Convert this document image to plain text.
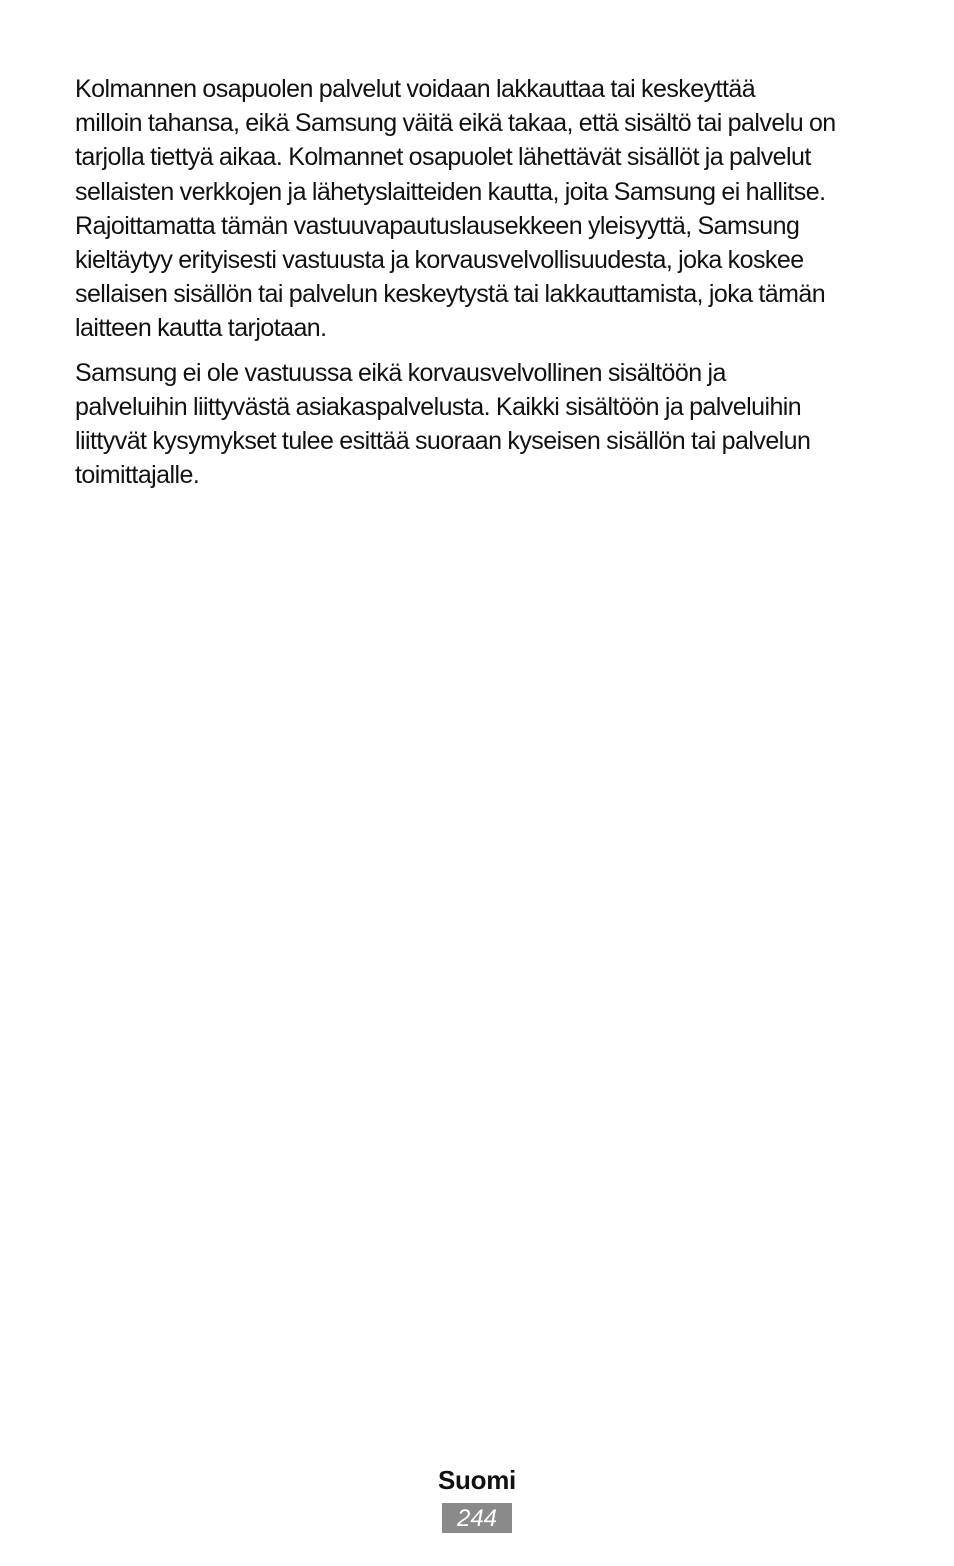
Kolmannen osapuolen palvelut voidaan lakkauttaa tai keskeyttää
milloin tahansa, eikä Samsung väitä eikä takaa, että sisältö tai palvelu on
tarjolla tiettyä aikaa. Kolmannet osapuolet lähettävät sisällöt ja palvelut
sellaisten verkkojen ja lähetyslaitteiden kautta, joita Samsung ei hallitse.
Rajoittamatta tämän vastuuvapautuslausekkeen yleisyyttä, Samsung
kieltäytyy erityisesti vastuusta ja korvausvelvollisuudesta, joka koskee
sellaisen sisällön tai palvelun keskeytystä tai lakkauttamista, joka tämän
laitteen kautta tarjotaan.

Samsung ei ole vastuussa eikä korvausvelvollinen sisältöön ja
palveluihin liittyvästä asiakaspalvelusta. Kaikki sisältöön ja palveluihin
liittyvät kysymykset tulee esittää suoraan kyseisen sisällön tai palvelun
toimittajalle.

Suomi
244
